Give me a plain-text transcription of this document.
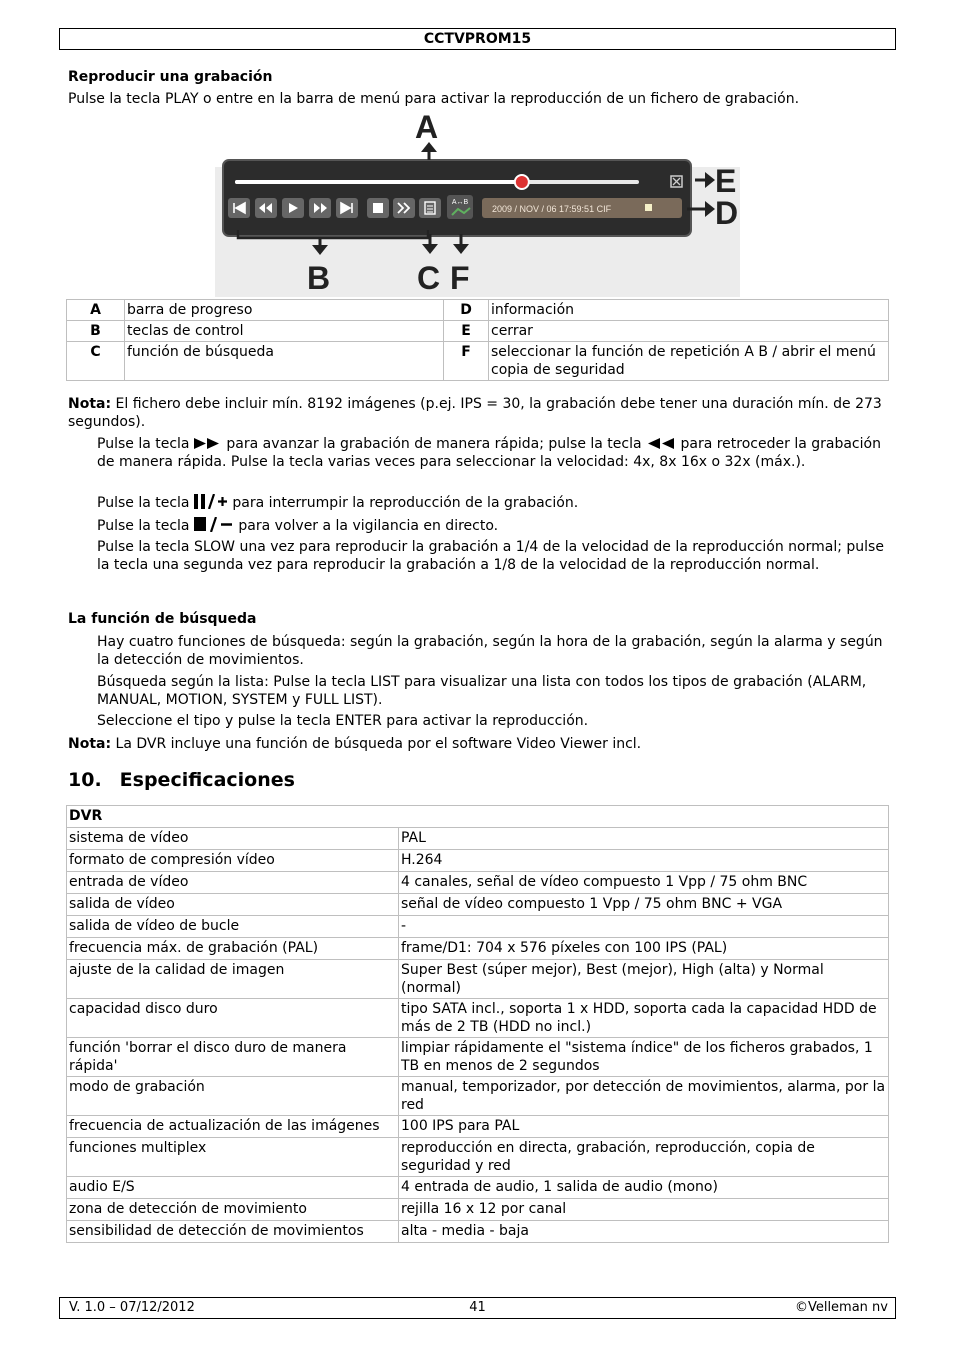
CCTVPROM15

Reproducir una grabación

Pulse la tecla PLAY o entre en la barra de menú para activar la reproducción de un fichero de grabación.

A↔B
2009 / NOV / 06 17:59:51 CIF
A
E
D
B	C F
A	barra de progreso	D	información
B	teclas de control	E	cerrar
C	función de búsqueda	F	seleccionar la función de repetición A B / abrir el menú copia de seguridad

Nota: El fichero debe incluir mín. 8192 imágenes (p.ej. IPS = 30, la grabación debe tener una duración mín. de 273 segundos).

Pulse la tecla  para avanzar la grabación de manera rápida; pulse la tecla  para retroceder la grabación de manera rápida. Pulse la tecla varias veces para seleccionar la velocidad: 4x, 8x 16x o 32x (máx.).

Pulse la tecla  para interrumpir la reproducción de la grabación.

Pulse la tecla	para volver a la vigilancia en directo.

Pulse la tecla SLOW una vez para reproducir la grabación a 1/4 de la velocidad de la reproducción normal; pulse la tecla una segunda vez para reproducir la grabación a 1/8 de la velocidad de la reproducción normal.

La función de búsqueda

Hay cuatro funciones de búsqueda: según la grabación, según la hora de la grabación, según la alarma y según la detección de movimientos.

Búsqueda según la lista: Pulse la tecla LIST para visualizar una lista con todos los tipos de grabación (ALARM, MANUAL, MOTION, SYSTEM y FULL LIST).

Seleccione el tipo y pulse la tecla ENTER para activar la reproducción.

Nota: La DVR incluye una función de búsqueda por el software Video Viewer incl.

10. Especificaciones
DVR	
sistema de vídeo	PAL
formato de compresión vídeo	H.264
entrada de vídeo	4 canales, señal de vídeo compuesto 1 Vpp / 75 ohm BNC
salida de vídeo	señal de vídeo compuesto 1 Vpp / 75 ohm BNC + VGA
salida de vídeo de bucle	-
frecuencia máx. de grabación (PAL)	frame/D1: 704 x 576 píxeles con 100 IPS (PAL)
ajuste de la calidad de imagen	Super Best (súper mejor), Best (mejor), High (alta) y Normal (normal)
capacidad disco duro	tipo SATA incl., soporta 1 x HDD, soporta cada la capacidad HDD de más de 2 TB (HDD no incl.)
función 'borrar el disco duro de manera rápida'	limpiar rápidamente el "sistema índice" de los ficheros grabados, 1 TB en menos de 2 segundos
modo de grabación	manual, temporizador, por detección de movimientos, alarma, por la red
frecuencia de actualización de las imágenes	100 IPS para PAL
funciones multiplex	reproducción en directa, grabación, reproducción, copia de seguridad y red
audio E/S	4 entrada de audio, 1 salida de audio (mono)
zona de detección de movimiento	rejilla 16 x 12 por canal
sensibilidad de detección de movimientos	alta - media - baja
V. 1.0 – 07/12/2012	41	©Velleman nv
